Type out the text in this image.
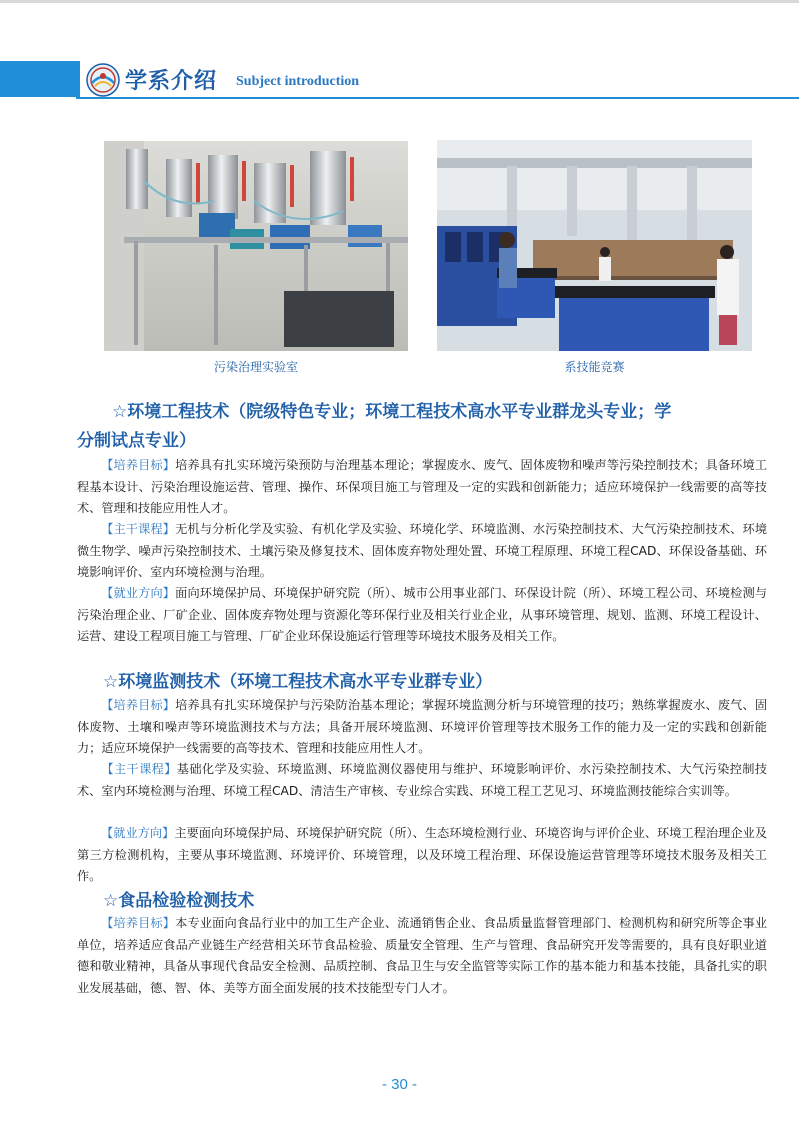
学系介绍 Subject introduction
污染治理实验室	系技能竞赛
☆环境工程技术（院级特色专业；环境工程技术高水平专业群龙头专业；学
分制试点专业）
【培养目标】培养具有扎实环境污染预防与治理基本理论；掌握废水、废气、固体废物和噪声等污染控制技术；具备环境工程基本设计、污染治理设施运营、管理、操作、环保项目施工与管理及一定的实践和创新能力；适应环境保护一线需要的高等技术、管理和技能应用性人才。
【主干课程】无机与分析化学及实验、有机化学及实验、环境化学、环境监测、水污染控制技术、大气污染控制技术、环境微生物学、噪声污染控制技术、土壤污染及修复技术、固体废弃物处理处置、环境工程原理、环境工程CAD、环保设备基础、环境影响评价、室内环境检测与治理。
【就业方向】面向环境保护局、环境保护研究院（所）、城市公用事业部门、环保设计院（所）、环境工程公司、环境检测与污染治理企业、厂矿企业、固体废弃物处理与资源化等环保行业及相关行业企业，从事环境管理、规划、监测、环境工程设计、运营、建设工程项目施工与管理、厂矿企业环保设施运行管理等环境技术服务及相关工作。
☆环境监测技术（环境工程技术高水平专业群专业）
【培养目标】培养具有扎实环境保护与污染防治基本理论；掌握环境监测分析与环境管理的技巧；熟练掌握废水、废气、固体废物、土壤和噪声等环境监测技术与方法；具备开展环境监测、环境评价管理等技术服务工作的能力及一定的实践和创新能力；适应环境保护一线需要的高等技术、管理和技能应用性人才。
【主干课程】基础化学及实验、环境监测、环境监测仪器使用与维护、环境影响评价、水污染控制技术、大气污染控制技术、室内环境检测与治理、环境工程CAD、清洁生产审核、专业综合实践、环境工程工艺见习、环境监测技能综合实训等。
【就业方向】主要面向环境保护局、环境保护研究院（所）、生态环境检测行业、环境咨询与评价企业、环境工程治理企业及第三方检测机构，主要从事环境监测、环境评价、环境管理，以及环境工程治理、环保设施运营管理等环境技术服务及相关工作。
☆食品检验检测技术
【培养目标】本专业面向食品行业中的加工生产企业、流通销售企业、食品质量监督管理部门、检测机构和研究所等企事业单位，培养适应食品产业链生产经营相关环节食品检验、质量安全管理、生产与管理、食品研究开发等需要的，具有良好职业道德和敬业精神，具备从事现代食品安全检测、品质控制、食品卫生与安全监管等实际工作的基本能力和基本技能，具备扎实的职业发展基础，德、智、体、美等方面全面发展的技术技能型专门人才。
- 30 -
